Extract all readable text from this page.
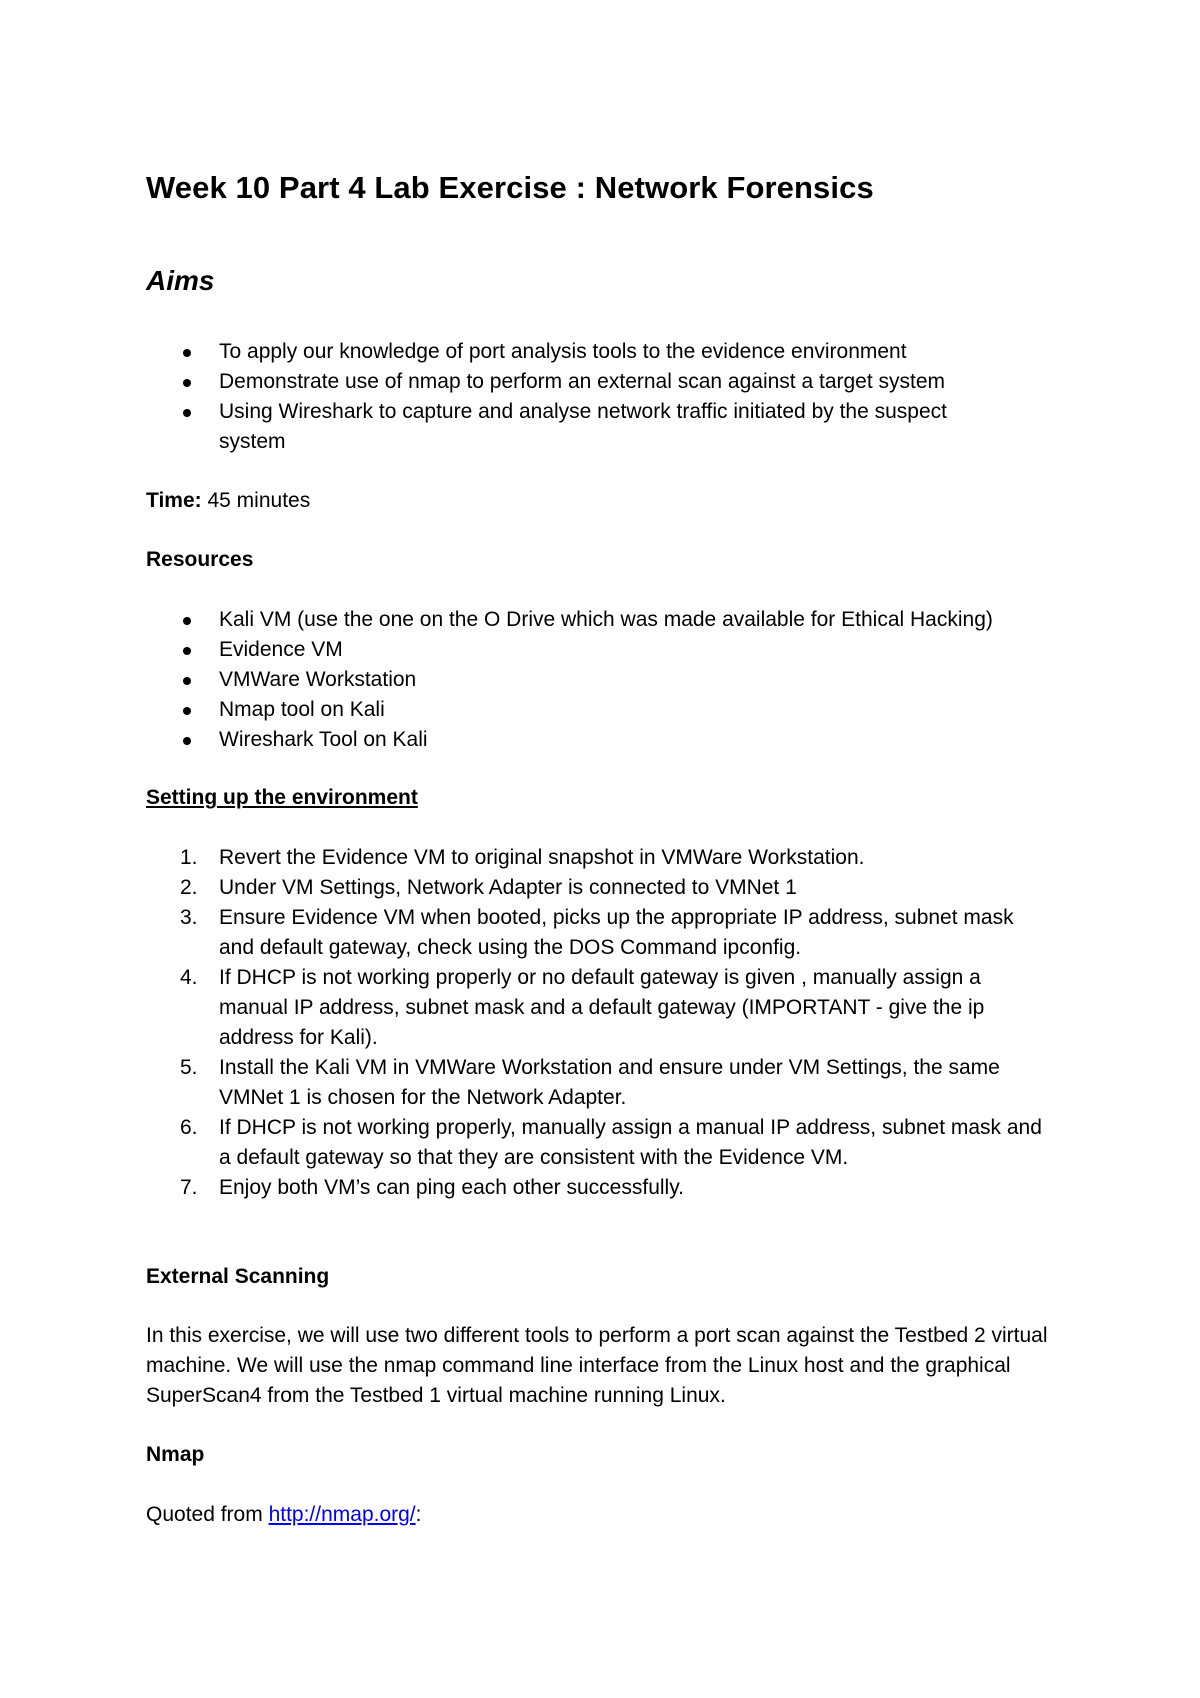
Week 10 Part 4 Lab Exercise : Network Forensics
Aims
To apply our knowledge of port analysis tools to the evidence environment
Demonstrate use of nmap to perform an external scan against a target system
Using Wireshark to capture and analyse network traffic initiated by the suspect system
Time: 45 minutes
Resources
Kali VM (use the one on the O Drive which was made available for Ethical Hacking)
Evidence VM
VMWare Workstation
Nmap tool on Kali
Wireshark Tool on Kali
Setting up the environment
1. Revert the Evidence VM to original snapshot in VMWare Workstation.
2. Under VM Settings, Network Adapter is connected to VMNet 1
3. Ensure Evidence VM when booted, picks up the appropriate IP address, subnet mask and default gateway, check using the DOS Command ipconfig.
4. If DHCP is not working properly or no default gateway is given , manually assign a manual IP address, subnet mask and a default gateway (IMPORTANT - give the ip address for Kali).
5. Install the Kali VM in VMWare Workstation and ensure under VM Settings, the same VMNet 1 is chosen for the Network Adapter.
6. If DHCP is not working properly, manually assign a manual IP address, subnet mask and a default gateway so that they are consistent with the Evidence VM.
7. Enjoy both VM’s can ping each other successfully.
External Scanning
In this exercise, we will use two different tools to perform a port scan against the Testbed 2 virtual machine. We will use the nmap command line interface from the Linux host and the graphical SuperScan4 from the Testbed 1 virtual machine running Linux.
Nmap
Quoted from http://nmap.org/:
